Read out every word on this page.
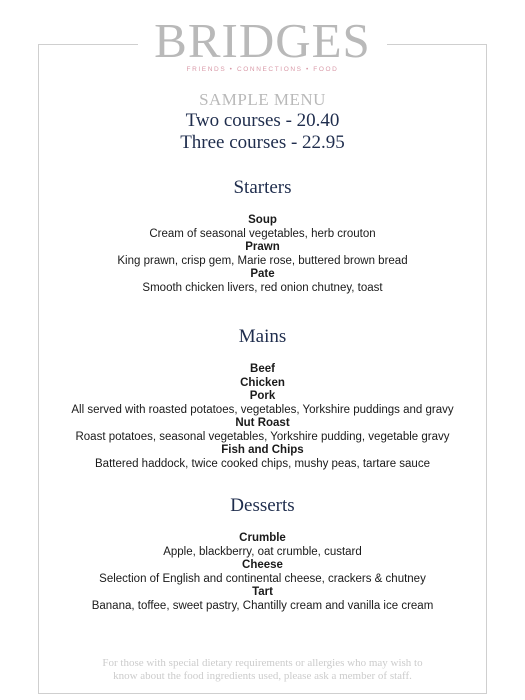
BRIDGES
FRIENDS • CONNECTIONS • FOOD
SAMPLE MENU
Two courses - 20.40
Three courses - 22.95
Starters
Soup
Cream of seasonal vegetables, herb crouton
Prawn
King prawn, crisp gem, Marie rose, buttered brown bread
Pate
Smooth chicken livers, red onion chutney, toast
Mains
Beef
Chicken
Pork
All served with roasted potatoes, vegetables, Yorkshire puddings and gravy
Nut Roast
Roast potatoes, seasonal vegetables, Yorkshire pudding, vegetable gravy
Fish and Chips
Battered haddock, twice cooked chips, mushy peas, tartare sauce
Desserts
Crumble
Apple, blackberry, oat crumble, custard
Cheese
Selection of English and continental cheese, crackers & chutney
Tart
Banana, toffee, sweet pastry, Chantilly cream and vanilla ice cream
For those with special dietary requirements or allergies who may wish to
know about the food ingredients used, please ask a member of staff.
